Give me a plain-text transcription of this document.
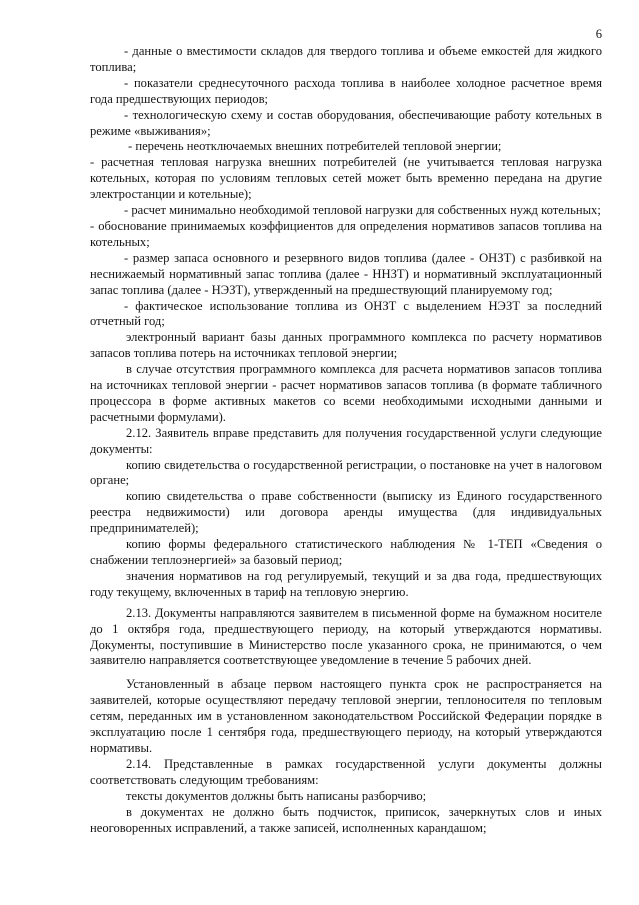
6

- данные о вместимости складов для твердого топлива и объеме емкостей для жидкого топлива;

- показатели среднесуточного расхода топлива в наиболее холодное расчетное время года предшествующих периодов;

- технологическую схему и состав оборудования, обеспечивающие работу котельных в режиме «выживания»;

- перечень неотключаемых внешних потребителей тепловой энергии;

- расчетная тепловая нагрузка внешних потребителей (не учитывается тепловая нагрузка котельных, которая по условиям тепловых сетей может быть временно передана на другие электростанции и котельные);

- расчет минимально необходимой тепловой нагрузки для собственных нужд котельных;

- обоснование принимаемых коэффициентов для определения нормативов запасов топлива на котельных;

- размер запаса основного и резервного видов топлива (далее - ОНЗТ) с разбивкой на неснижаемый нормативный запас топлива (далее - ННЗТ) и нормативный эксплуатационный запас топлива (далее - НЭЗТ), утвержденный на предшествующий планируемому год;

- фактическое использование топлива из ОНЗТ с выделением НЭЗТ за последний отчетный год;

электронный вариант базы данных программного комплекса по расчету нормативов запасов топлива потерь на источниках тепловой энергии;

в случае отсутствия программного комплекса для расчета нормативов запасов топлива на источниках тепловой энергии - расчет нормативов запасов топлива (в формате табличного процессора в форме активных макетов со всеми необходимыми исходными данными и расчетными формулами).

2.12. Заявитель вправе представить для получения государственной услуги следующие документы:

копию свидетельства о государственной регистрации, о постановке на учет в налоговом органе;

копию свидетельства о праве собственности (выписку из Единого государственного реестра недвижимости) или договора аренды имущества (для индивидуальных предпринимателей);

копию формы федерального статистического наблюдения № 1-ТЕП «Сведения о снабжении теплоэнергией» за базовый период;

значения нормативов на год регулируемый, текущий и за два года, предшествующих году текущему, включенных в тариф на тепловую энергию.

2.13. Документы направляются заявителем в письменной форме на бумажном носителе до 1 октября года, предшествующего периоду, на который утверждаются нормативы. Документы, поступившие в Министерство после указанного срока, не принимаются, о чем заявителю направляется соответствующее уведомление в течение 5 рабочих дней.

Установленный в абзаце первом настоящего пункта срок не распространяется на заявителей, которые осуществляют передачу тепловой энергии, теплоносителя по тепловым сетям, переданных им в установленном законодательством Российской Федерации порядке в эксплуатацию после 1 сентября года, предшествующего периоду, на который утверждаются нормативы.

2.14. Представленные в рамках государственной услуги документы должны соответствовать следующим требованиям:

тексты документов должны быть написаны разборчиво;

в документах не должно быть подчисток, приписок, зачеркнутых слов и иных неоговоренных исправлений, а также записей, исполненных карандашом;
